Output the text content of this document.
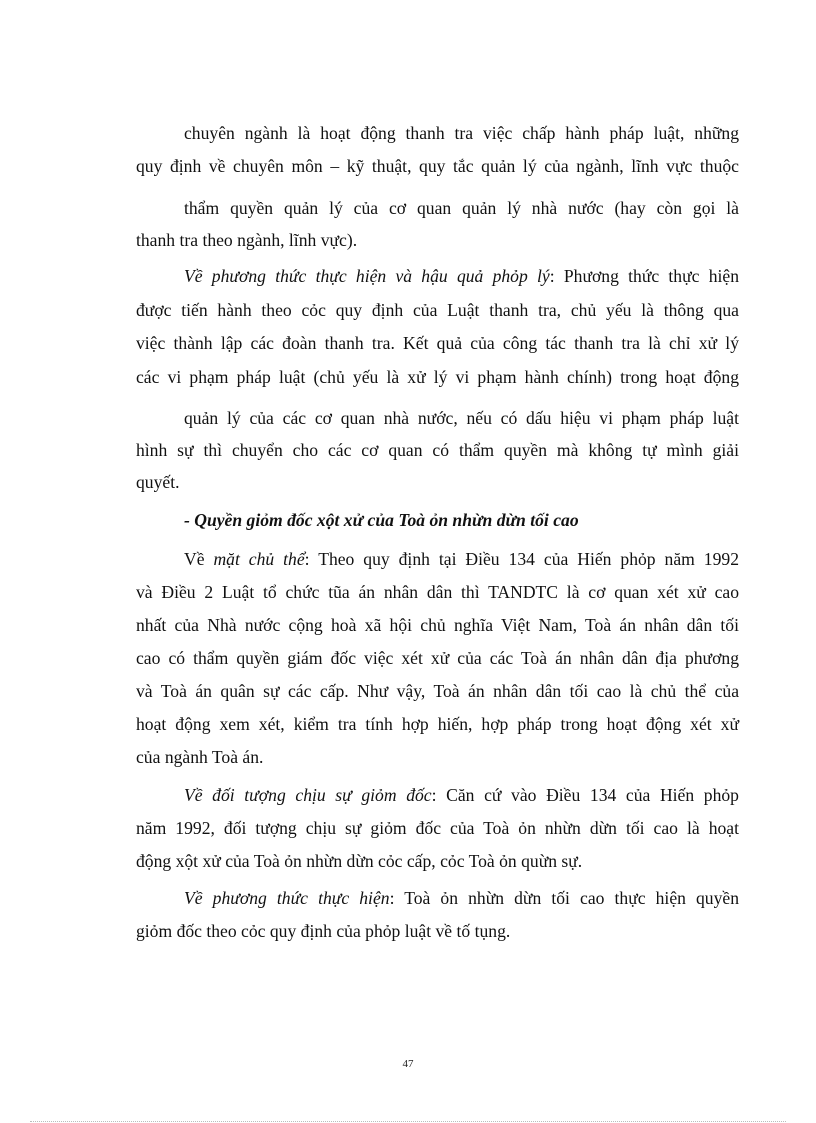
chuyên ngành là hoạt động thanh tra việc chấp hành pháp luật, những
quy định về chuyên môn – kỹ thuật, quy tắc quản lý của ngành, lĩnh vực thuộc
thẩm quyền quản lý của cơ quan quản lý nhà nước (hay còn gọi là
thanh tra theo ngành, lĩnh vực).
Về phương thức thực hiện và hậu quả phỏp lý: Phương thức thực hiện
được tiến hành theo cỏc quy định của Luật thanh tra, chủ yếu là thông qua
việc thành lập các đoàn thanh tra. Kết quả của công tác thanh tra là chỉ xử lý
các vi phạm pháp luật (chủ yếu là xử lý vi phạm hành chính) trong hoạt động
quản lý của các cơ quan nhà nước, nếu có dấu hiệu vi phạm pháp luật
hình sự thì chuyển cho các cơ quan có thẩm quyền mà không tự mình giải
quyết.
- Quyền giỏm đốc xột xử của Toà ỏn nhừn dừn tối cao
Về mặt chủ thể: Theo quy định tại Điều 134 của Hiến phỏp năm 1992
và Điều 2 Luật tổ chức tũa án nhân dân thì TANDTC là cơ quan xét xử cao
nhất của Nhà nước cộng hoà xã hội chủ nghĩa Việt Nam, Toà án nhân dân tối
cao có thẩm quyền giám đốc việc xét xử của các Toà án nhân dân địa phương
và Toà án quân sự các cấp. Như vậy, Toà án nhân dân tối cao là chủ thể của
hoạt động xem xét, kiểm tra tính hợp hiến, hợp pháp trong hoạt động xét xử
của ngành Toà án.
Về đối tượng chịu sự giỏm đốc: Căn cứ vào Điều 134 của Hiến phỏp
năm 1992, đối tượng chịu sự giỏm đốc của Toà ỏn nhừn dừn tối cao là hoạt
động xột xử của Toà ỏn nhừn dừn cỏc cấp, cỏc Toà ỏn quừn sự.
Về phương thức thực hiện: Toà ỏn nhừn dừn tối cao thực hiện quyền
giỏm đốc theo cỏc quy định của phỏp luật về tố tụng.
47
